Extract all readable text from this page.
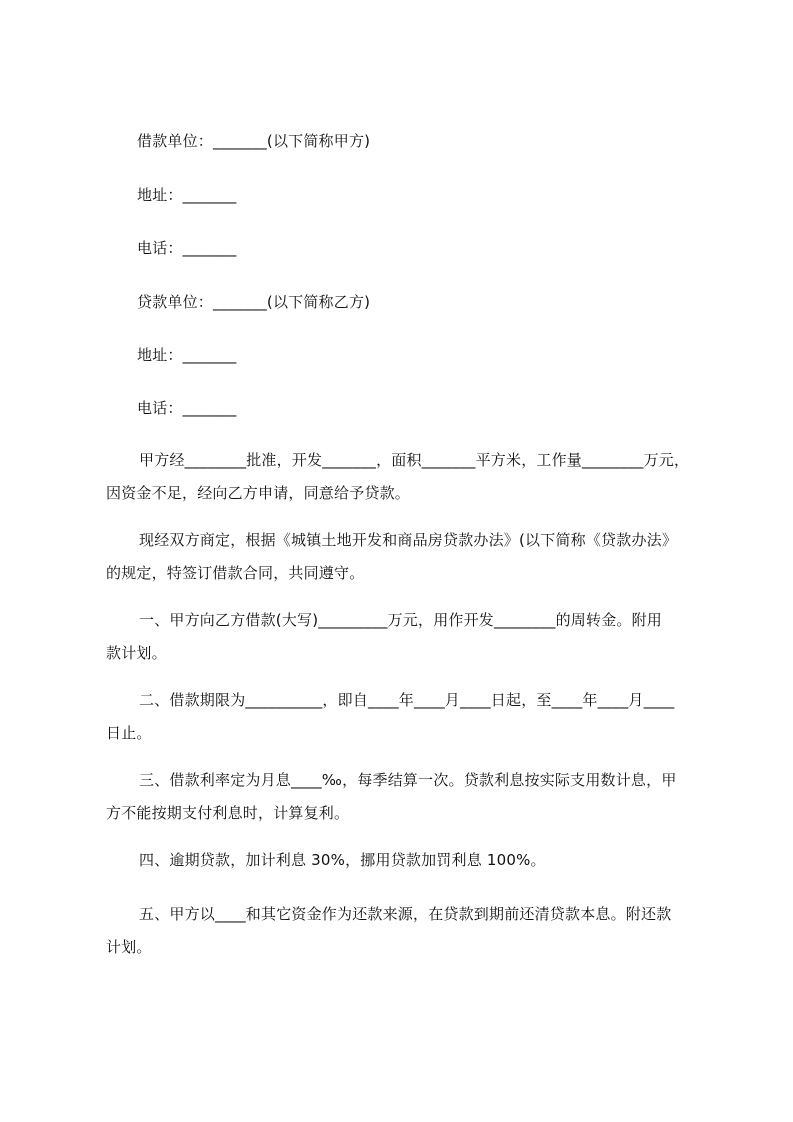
借款单位：_______(以下简称甲方)
地址：_______
电话：_______
贷款单位：_______(以下简称乙方)
地址：_______
电话：_______
甲方经________批准，开发_______，面积_______平方米，工作量________万元，
因资金不足，经向乙方申请，同意给予贷款。
现经双方商定，根据《城镇土地开发和商品房贷款办法》(以下简称《贷款办法》
的规定，特签订借款合同，共同遵守。
一、甲方向乙方借款(大写)_________万元，用作开发________的周转金。附用
款计划。
二、借款期限为__________，即自____年____月____日起，至____年____月____
日止。
三、借款利率定为月息____‰，每季结算一次。贷款利息按实际支用数计息，甲
方不能按期支付利息时，计算复利。
四、逾期贷款，加计利息 30%，挪用贷款加罚利息 100%。
五、甲方以____和其它资金作为还款来源，在贷款到期前还清贷款本息。附还款
计划。
